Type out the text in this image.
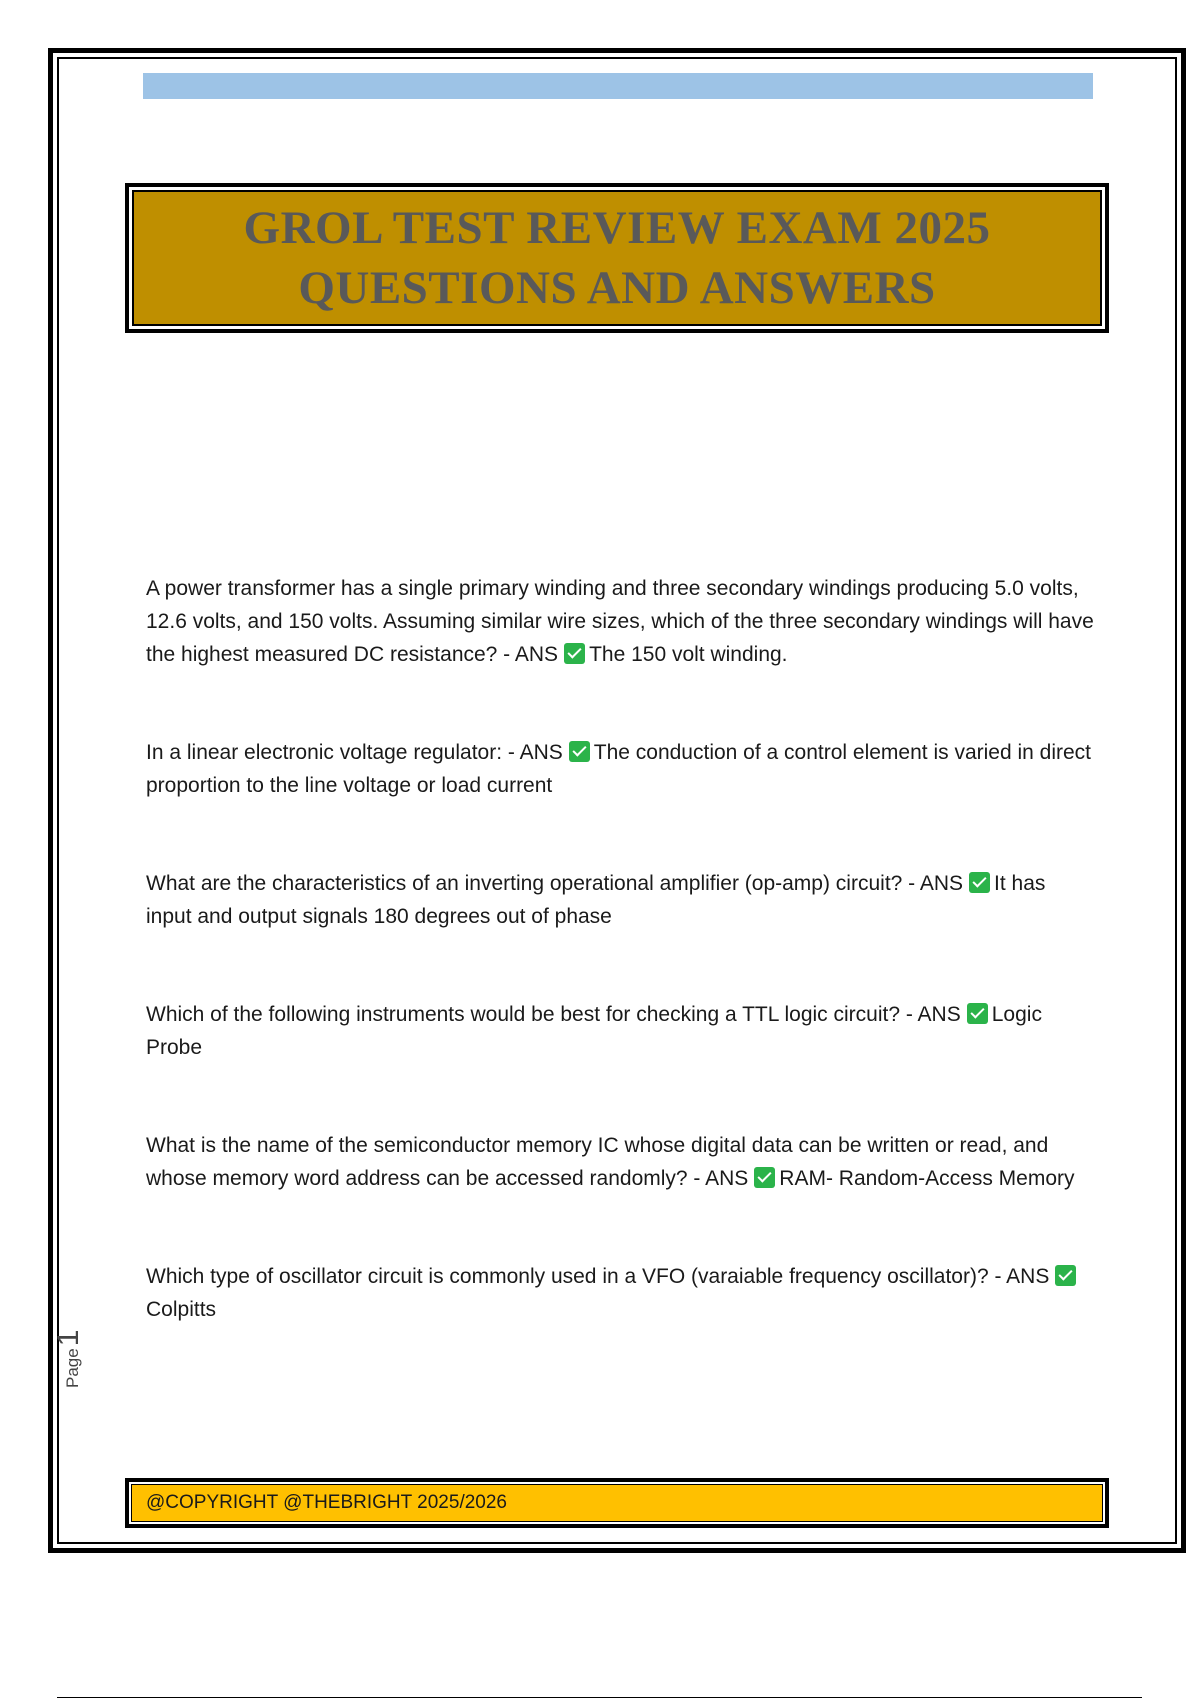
GROL TEST REVIEW EXAM 2025
QUESTIONS AND ANSWERS
A power transformer has a single primary winding and three secondary windings producing 5.0 volts, 12.6 volts, and 150 volts. Assuming similar wire sizes, which of the three secondary windings will have the highest measured DC resistance? - ANS The 150 volt winding.
In a linear electronic voltage regulator: - ANS The conduction of a control element is varied in direct proportion to the line voltage or load current
What are the characteristics of an inverting operational amplifier (op-amp) circuit? - ANS It has input and output signals 180 degrees out of phase
Which of the following instruments would be best for checking a TTL logic circuit? - ANS Logic Probe
What is the name of the semiconductor memory IC whose digital data can be written or read, and whose memory word address can be accessed randomly? - ANS RAM- Random-Access Memory
Which type of oscillator circuit is commonly used in a VFO (varaiable frequency oscillator)? - ANSColpitts
Page
1
@COPYRIGHT @THEBRIGHT 2025/2026
